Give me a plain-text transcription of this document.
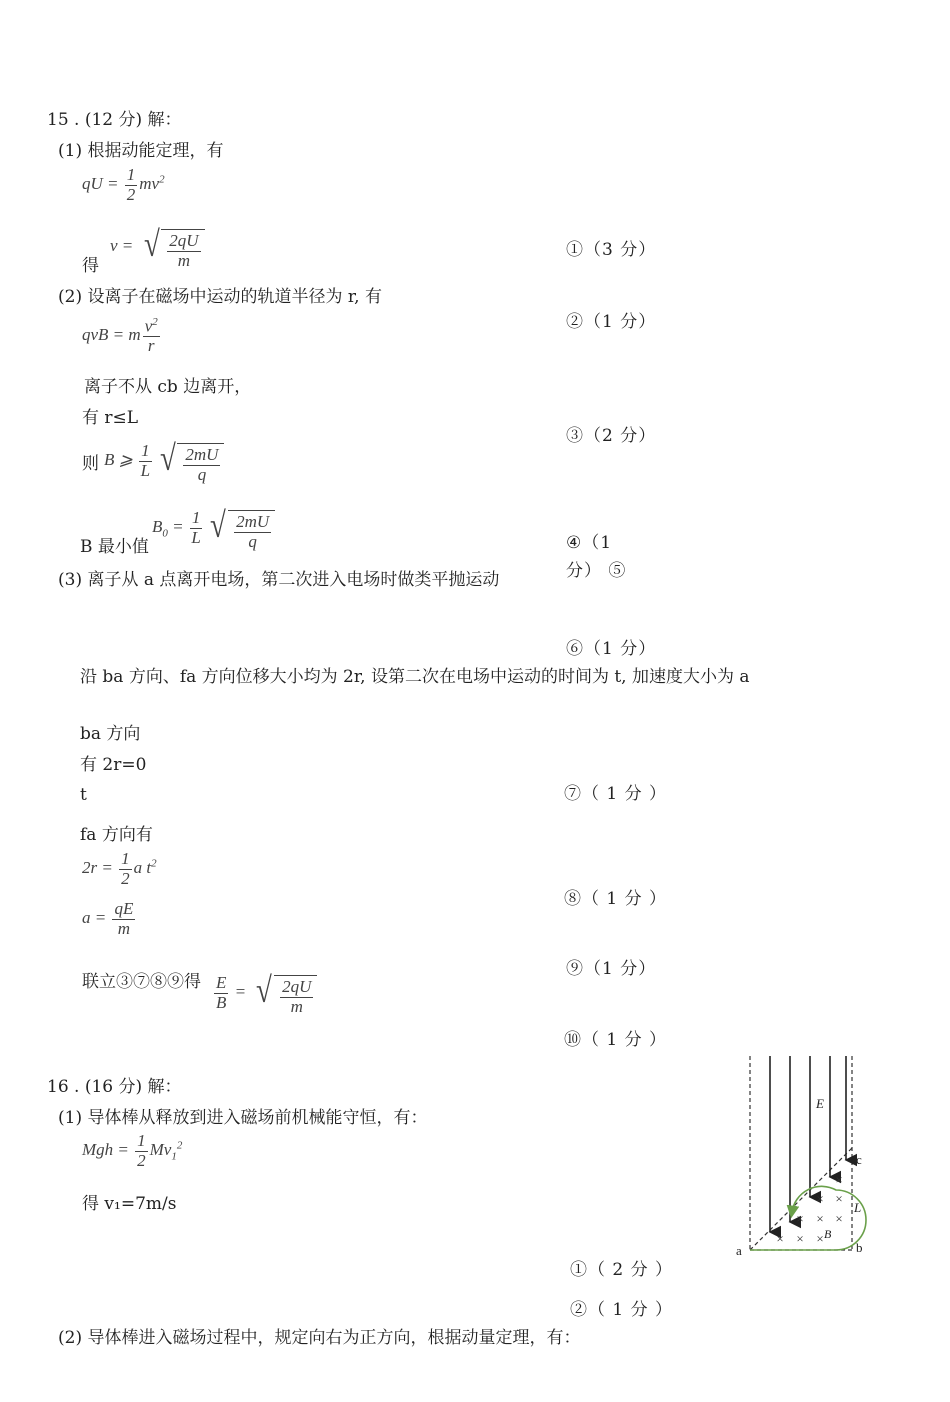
15 . (12 分) 解：
(1) 根据动能定理，有
qU = $\frac{1}{2} mv^2$
得
v = √ $\frac{2qU}{m}$
(2) 设离子在磁场中运动的轨道半径为 r, 有
qvB = m $\frac{v^2}{r}$
离子不从 cb 边离开，
有 r≤L
则 B ⩾ $\frac{1}{L}$ √ $\frac{2mU}{q}$
B 最小值
$B_0 = \frac{1}{L}$ √ $\frac{2mU}{q}$
(3) 离子从 a 点离开电场，第二次进入电场时做类平抛运动
沿 ba 方向、fa 方向位移大小均为 2r, 设第二次在电场中运动的时间为 t, 加速度大小为 a
ba 方向
有 2r=0
t
fa 方向有
$2r = \frac{1}{2}$ a $t^2$
$a = \frac{qE}{m}$
联立③⑦⑧⑨得 $\frac{E}{B}$ = √ $\frac{2qU}{m}$
①（3 分）
②（1 分）
③（2 分）
④（1
分） ⑤
⑥（1 分）
⑦（ 1 分 ）
⑧（ 1 分 ）
⑨（1 分）
⑩（ 1 分 ）
16 . (16 分) 解：
(1) 导体棒从释放到进入磁场前机械能守恒，有：
Mgh = $\frac{1}{2} Mv_1^2$
得 v₁=7m/s
①（ 2 分 ）
②（ 1 分 ）
(2) 导体棒进入磁场过程中，规定向右为正方向，根据动量定理，有：
×
× ×
× × ×
× × ×
E
c
L
B
a	b
